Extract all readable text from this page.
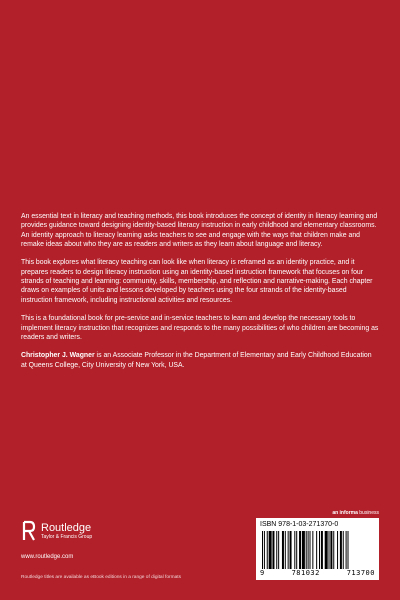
An essential text in literacy and teaching methods, this book introduces the concept of identity in literacy learning and provides guidance toward designing identity-based literacy instruction in early childhood and elementary classrooms. An identity approach to literacy learning asks teachers to see and engage with the ways that children make and remake ideas about who they are as readers and writers as they learn about language and literacy.

This book explores what literacy teaching can look like when literacy is reframed as an identity practice, and it prepares readers to design literacy instruction using an identity-based instruction framework that focuses on four strands of teaching and learning: community, skills, membership, and reflection and narrative-making. Each chapter draws on examples of units and lessons developed by teachers using the four strands of the identity-based instruction framework, including instructional activities and resources.

This is a foundational book for pre-service and in-service teachers to learn and develop the necessary tools to implement literacy instruction that recognizes and responds to the many possibilities of who children are becoming as readers and writers.

Christopher J. Wagner is an Associate Professor in the Department of Elementary and Early Childhood Education at Queens College, City University of New York, USA.

an informa business
Routledge
Taylor & Francis Group
www.routledge.com
Routledge titles are available as eBook editions in a range of digital formats
ISBN 978-1-03-271370-0
9	781032	713700
